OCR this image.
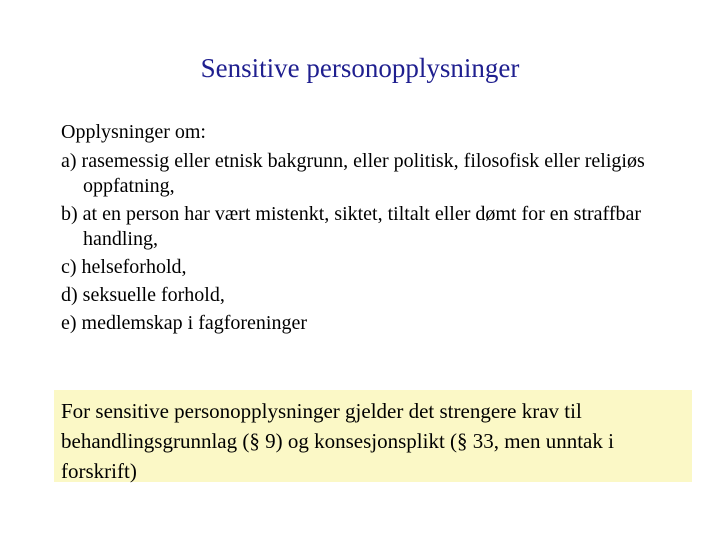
Sensitive personopplysninger
Opplysninger om:
a) rasemessig eller etnisk bakgrunn, eller politisk, filosofisk eller religiøs oppfatning,
b) at en person har vært mistenkt, siktet, tiltalt eller dømt for en straffbar handling,
c) helseforhold,
d) seksuelle forhold,
e) medlemskap i fagforeninger
For sensitive personopplysninger gjelder det strengere krav til behandlingsgrunnlag (§ 9) og konsesjonsplikt (§ 33, men unntak i forskrift)
